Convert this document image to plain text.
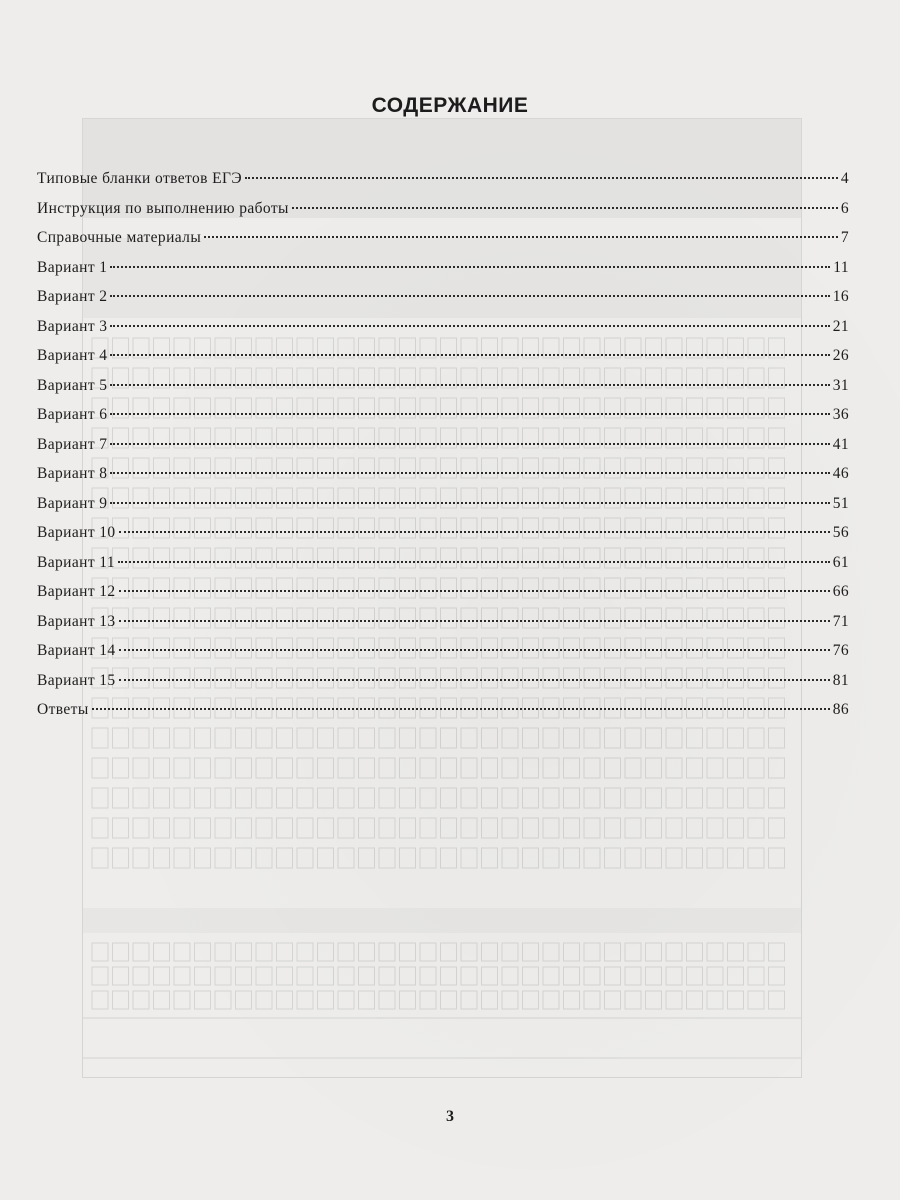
СОДЕРЖАНИЕ
Типовые бланки ответов ЕГЭ	4
Инструкция по выполнению работы	6
Справочные материалы	7
Вариант 1	11
Вариант 2	16
Вариант 3	21
Вариант 4	26
Вариант 5	31
Вариант 6	36
Вариант 7	41
Вариант 8	46
Вариант 9	51
Вариант 10	56
Вариант 11	61
Вариант 12	66
Вариант 13	71
Вариант 14	76
Вариант 15	81
Ответы	86
3
